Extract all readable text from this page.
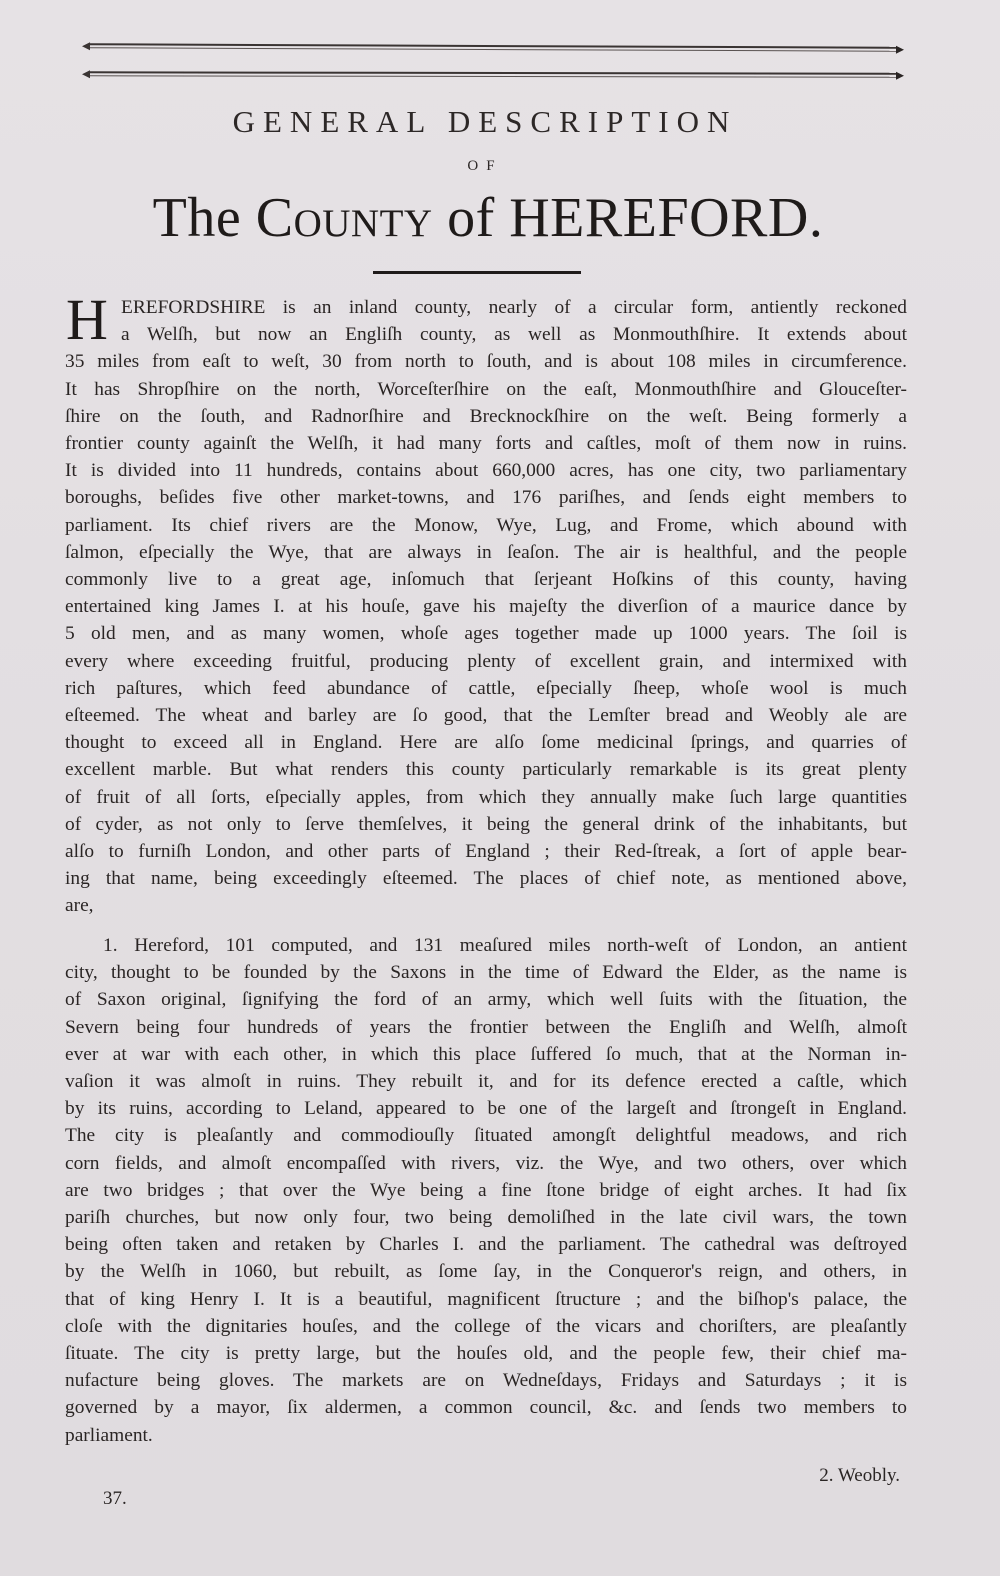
GENERAL DESCRIPTION
OF
The County of HEREFORD.
H EREFORDSHIRE is an inland county, nearly of a circular form, antiently reckoned
a Welſh, but now an Engliſh county, as well as Monmouthſhire. It extends about
35 miles from eaſt to weſt, 30 from north to ſouth, and is about 108 miles in circumference.
It has Shropſhire on the north, Worceſterſhire on the eaſt, Monmouthſhire and Glouceſter-
ſhire on the ſouth, and Radnorſhire and Brecknockſhire on the weſt. Being formerly a
frontier county againſt the Welſh, it had many forts and caſtles, moſt of them now in ruins.
It is divided into 11 hundreds, contains about 660,000 acres, has one city, two parliamentary
boroughs, beſides five other market-towns, and 176 pariſhes, and ſends eight members to
parliament. Its chief rivers are the Monow, Wye, Lug, and Frome, which abound with
ſalmon, eſpecially the Wye, that are always in ſeaſon. The air is healthful, and the people
commonly live to a great age, inſomuch that ſerjeant Hoſkins of this county, having
entertained king James I. at his houſe, gave his majeſty the diverſion of a maurice dance by
5 old men, and as many women, whoſe ages together made up 1000 years. The ſoil is
every where exceeding fruitful, producing plenty of excellent grain, and intermixed with
rich paſtures, which feed abundance of cattle, eſpecially ſheep, whoſe wool is much
eſteemed. The wheat and barley are ſo good, that the Lemſter bread and Weobly ale are
thought to exceed all in England. Here are alſo ſome medicinal ſprings, and quarries of
excellent marble. But what renders this county particularly remarkable is its great plenty
of fruit of all ſorts, eſpecially apples, from which they annually make ſuch large quantities
of cyder, as not only to ſerve themſelves, it being the general drink of the inhabitants, but
alſo to furniſh London, and other parts of England ; their Red-ſtreak, a ſort of apple bear-
ing that name, being exceedingly eſteemed. The places of chief note, as mentioned above,
are,
1. Hereford, 101 computed, and 131 meaſured miles north-weſt of London, an antient
city, thought to be founded by the Saxons in the time of Edward the Elder, as the name is
of Saxon original, ſignifying the ford of an army, which well ſuits with the ſituation, the
Severn being four hundreds of years the frontier between the Engliſh and Welſh, almoſt
ever at war with each other, in which this place ſuffered ſo much, that at the Norman in-
vaſion it was almoſt in ruins. They rebuilt it, and for its defence erected a caſtle, which
by its ruins, according to Leland, appeared to be one of the largeſt and ſtrongeſt in England.
The city is pleaſantly and commodiouſly ſituated amongſt delightful meadows, and rich
corn fields, and almoſt encompaſſed with rivers, viz. the Wye, and two others, over which
are two bridges ; that over the Wye being a fine ſtone bridge of eight arches. It had ſix
pariſh churches, but now only four, two being demoliſhed in the late civil wars, the town
being often taken and retaken by Charles I. and the parliament. The cathedral was deſtroyed
by the Welſh in 1060, but rebuilt, as ſome ſay, in the Conqueror's reign, and others, in
that of king Henry I. It is a beautiful, magnificent ſtructure ; and the biſhop's palace, the
cloſe with the dignitaries houſes, and the college of the vicars and choriſters, are pleaſantly
ſituate. The city is pretty large, but the houſes old, and the people few, their chief ma-
nufacture being gloves. The markets are on Wedneſdays, Fridays and Saturdays ; it is
governed by a mayor, ſix aldermen, a common council, &c. and ſends two members to
parliament.
2. Weobly.
37.
